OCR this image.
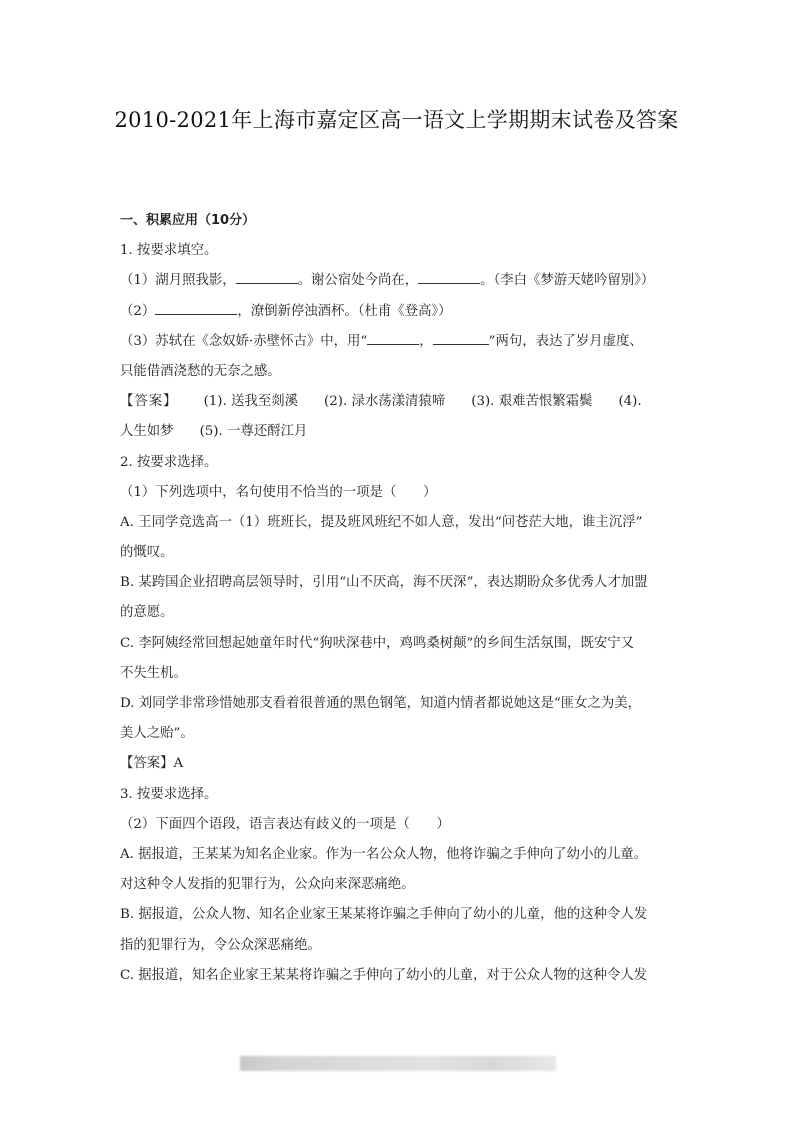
2010-2021年上海市嘉定区高一语文上学期期末试卷及答案
一、积累应用（10分）
1. 按要求填空。
（1）湖月照我影，	。谢公宿处今尚在，	。（李白《梦游天姥吟留别》）
（2）	，潦倒新停浊酒杯。（杜甫《登高》）
（3）苏轼在《念奴娇·赤壁怀古》中，用“	，	”两句，表达了岁月虚度、
只能借酒浇愁的无奈之感。
【答案】 (1). 送我至剡溪 (2). 渌水荡漾清猿啼 (3). 艰难苦恨繁霜鬓 (4).
人生如梦 (5). 一尊还酹江月
2. 按要求选择。
（1）下列选项中，名句使用不恰当的一项是（　　）
A. 王同学竞选高一（1）班班长，提及班风班纪不如人意，发出“问苍茫大地，谁主沉浮”
的慨叹。
B. 某跨国企业招聘高层领导时，引用“山不厌高，海不厌深”，表达期盼众多优秀人才加盟
的意愿。
C. 李阿姨经常回想起她童年时代“狗吠深巷中，鸡鸣桑树颠”的乡间生活氛围，既安宁又
不失生机。
D. 刘同学非常珍惜她那支看着很普通的黑色钢笔，知道内情者都说她这是“匪女之为美，
美人之贻”。
【答案】A
3. 按要求选择。
（2）下面四个语段，语言表达有歧义的一项是（　　）
A. 据报道，王某某为知名企业家。作为一名公众人物，他将诈骗之手伸向了幼小的儿童。
对这种令人发指的犯罪行为，公众向来深恶痛绝。
B. 据报道，公众人物、知名企业家王某某将诈骗之手伸向了幼小的儿童，他的这种令人发
指的犯罪行为，令公众深恶痛绝。
C. 据报道，知名企业家王某某将诈骗之手伸向了幼小的儿童，对于公众人物的这种令人发
